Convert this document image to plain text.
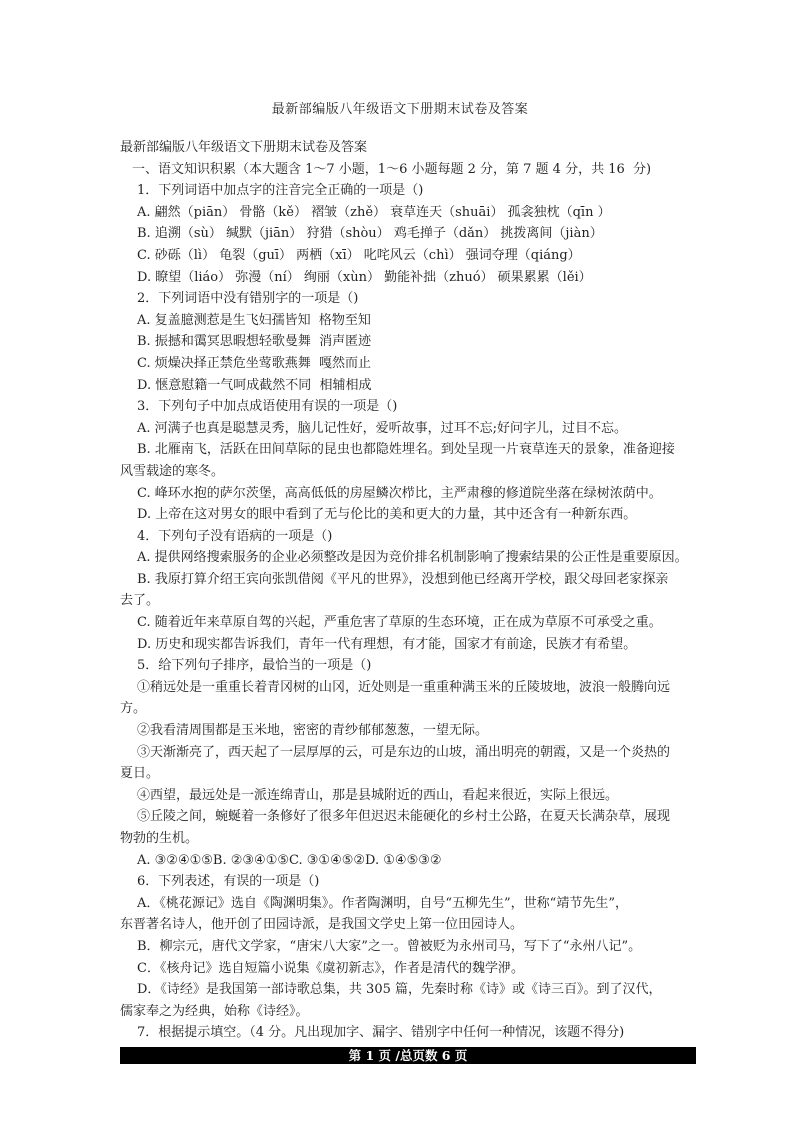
最新部编版八年级语文下册期末试卷及答案

最新部编版八年级语文下册期末试卷及答案

一、语文知识积累（本大题含 1～7 小题，1～6 小题每题 2 分，第 7 题 4 分，共 16  分)

1．下列词语中加点字的注音完全正确的一项是（)

A. 翩然（piān） 骨骼（kě） 褶皱（zhě） 衰草连天（shuāi） 孤衾独枕（qīn ）

B. 追溯（sù） 缄默（jiān） 狩猎（shòu） 鸡毛掸子（dǎn） 挑拨离间（jiàn）

C. 砂砾（lì） 龟裂（guī） 两栖（xī） 叱咤风云（chì） 强词夺理（qiáng）

D. 瞭望（liáo） 弥漫（ní） 绚丽（xùn） 勤能补拙（zhuó） 硕果累累（lěi）

2．下列词语中没有错别字的一项是（)

A. 复盖臆测惹是生飞妇孺皆知  格物至知

B. 振撼和霭冥思暇想轻歌曼舞  消声匿迹

C. 烦燥决择正禁危坐莺歌燕舞  嘎然而止

D. 惬意慰籍一气呵成截然不同  相辅相成

3．下列句子中加点成语使用有误的一项是（)

A. 河满子也真是聪慧灵秀，脑儿记性好，爱听故事，过耳不忘;好问字儿，过目不忘。

B. 北雁南飞，活跃在田间草际的昆虫也都隐姓埋名。到处呈现一片衰草连天的景象，准备迎接

风雪载途的寒冬。

C. 峰环水抱的萨尔茨堡，高高低低的房屋鳞次栉比，主严肃穆的修道院坐落在绿树浓荫中。

D. 上帝在这对男女的眼中看到了无与伦比的美和更大的力量，其中还含有一种新东西。

4．下列句子没有语病的一项是（)

A. 提供网络搜索服务的企业必须整改是因为竞价排名机制影响了搜索结果的公正性是重要原因。

B. 我原打算介绍王宾向张凯借阅《平凡的世界》，没想到他已经离开学校，跟父母回老家探亲

去了。

C. 随着近年来草原自驾的兴起，严重危害了草原的生态环境，正在成为草原不可承受之重。

D. 历史和现实都告诉我们，青年一代有理想，有才能，国家才有前途，民族才有希望。

5．给下列句子排序，最恰当的一项是（)

①稍远处是一重重长着青冈树的山冈，近处则是一重重种满玉米的丘陵坡地，波浪一般腾向远

方。

②我看清周围都是玉米地，密密的青纱郁郁葱葱，一望无际。

③天渐渐亮了，西天起了一层厚厚的云，可是东边的山坡，涌出明亮的朝霞，又是一个炎热的

夏日。

④西望，最远处是一派连绵青山，那是县城附近的西山，看起来很近，实际上很远。

⑤丘陵之间，蜿蜒着一条修好了很多年但迟迟未能硬化的乡村土公路，在夏天长满杂草，展现

物勃的生机。

A. ③②④①⑤B. ②③④①⑤C. ③①④⑤②D. ①④⑤③②

6．下列表述，有误的一项是（)

A．《桃花源记》选自《陶渊明集》。作者陶渊明，自号“五柳先生”，世称“靖节先生”，

东晋著名诗人，他开创了田园诗派，是我国文学史上第一位田园诗人。

B．柳宗元，唐代文学家，“唐宋八大家”之一。曾被贬为永州司马，写下了“永州八记”。

C．《核舟记》选自短篇小说集《虞初新志》，作者是清代的魏学洢。

D．《诗经》是我国第一部诗歌总集，共 305 篇，先秦时称《诗》或《诗三百》。到了汉代，

儒家奉之为经典，始称《诗经》。

7．根据提示填空。（4 分。凡出现加字、漏字、错别字中任何一种情况，该题不得分)

第 1 页 /总页数 6 页
